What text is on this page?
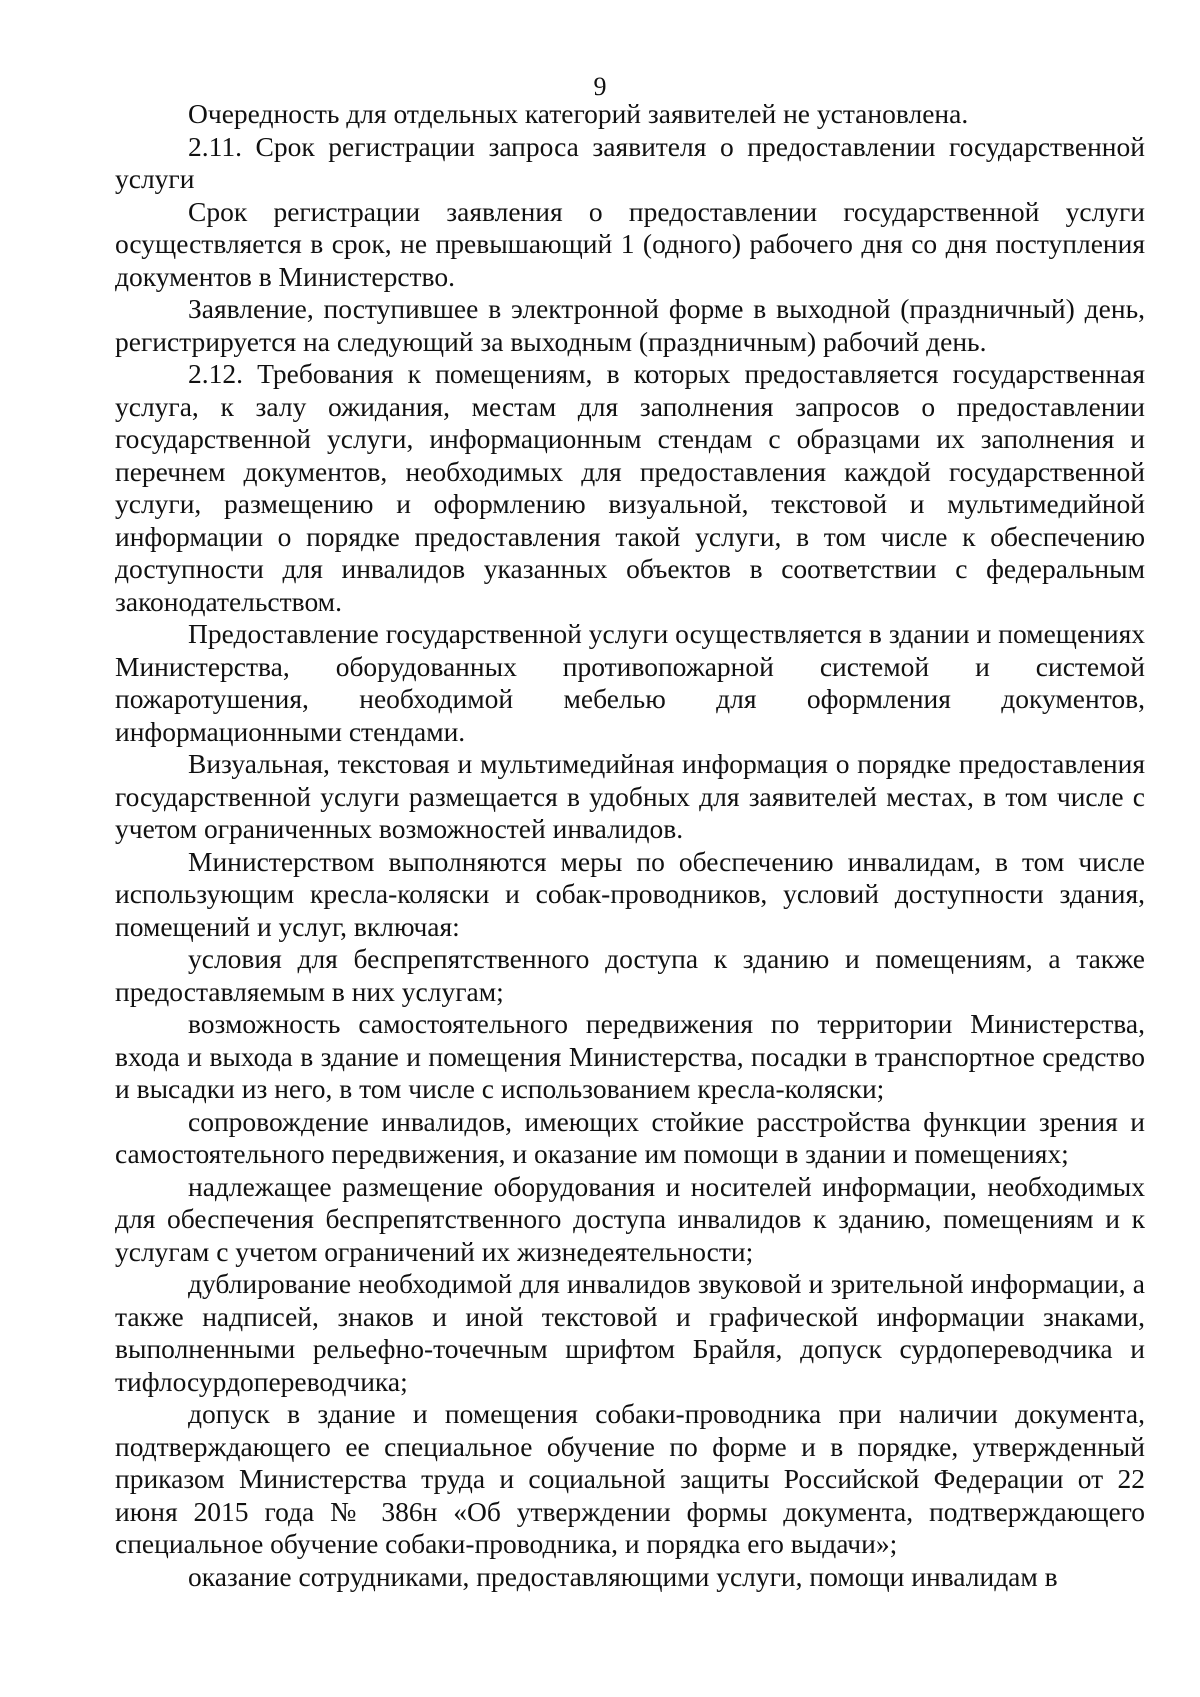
9

Очередность для отдельных категорий заявителей не установлена.

2.11. Срок регистрации запроса заявителя о предоставлении государственной услуги

Срок регистрации заявления о предоставлении государственной услуги осуществляется в срок, не превышающий 1 (одного) рабочего дня со дня поступления документов в Министерство.

Заявление, поступившее в электронной форме в выходной (праздничный) день, регистрируется на следующий за выходным (праздничным) рабочий день.

2.12. Требования к помещениям, в которых предоставляется государственная услуга, к залу ожидания, местам для заполнения запросов о предоставлении государственной услуги, информационным стендам с образцами их заполнения и перечнем документов, необходимых для предоставления каждой государственной услуги, размещению и оформлению визуальной, текстовой и мультимедийной информации о порядке предоставления такой услуги, в том числе к обеспечению доступности для инвалидов указанных объектов в соответствии с федеральным законодательством.

Предоставление государственной услуги осуществляется в здании и помещениях Министерства, оборудованных противопожарной системой и системой пожаротушения, необходимой мебелью для оформления документов, информационными стендами.

Визуальная, текстовая и мультимедийная информация о порядке предоставления государственной услуги размещается в удобных для заявителей местах, в том числе с учетом ограниченных возможностей инвалидов.

Министерством выполняются меры по обеспечению инвалидам, в том числе использующим кресла-коляски и собак-проводников, условий доступности здания, помещений и услуг, включая:

условия для беспрепятственного доступа к зданию и помещениям, а также предоставляемым в них услугам;

возможность самостоятельного передвижения по территории Министерства, входа и выхода в здание и помещения Министерства, посадки в транспортное средство и высадки из него, в том числе с использованием кресла-коляски;

сопровождение инвалидов, имеющих стойкие расстройства функции зрения и самостоятельного передвижения, и оказание им помощи в здании и помещениях;

надлежащее размещение оборудования и носителей информации, необходимых для обеспечения беспрепятственного доступа инвалидов к зданию, помещениям и к услугам с учетом ограничений их жизнедеятельности;

дублирование необходимой для инвалидов звуковой и зрительной информации, а также надписей, знаков и иной текстовой и графической информации знаками, выполненными рельефно-точечным шрифтом Брайля, допуск сурдопереводчика и тифлосурдопереводчика;

допуск в здание и помещения собаки-проводника при наличии документа, подтверждающего ее специальное обучение по форме и в порядке, утвержденный приказом Министерства труда и социальной защиты Российской Федерации от 22 июня 2015 года № 386н «Об утверждении формы документа, подтверждающего специальное обучение собаки-проводника, и порядка его выдачи»;

оказание сотрудниками, предоставляющими услуги, помощи инвалидам в
